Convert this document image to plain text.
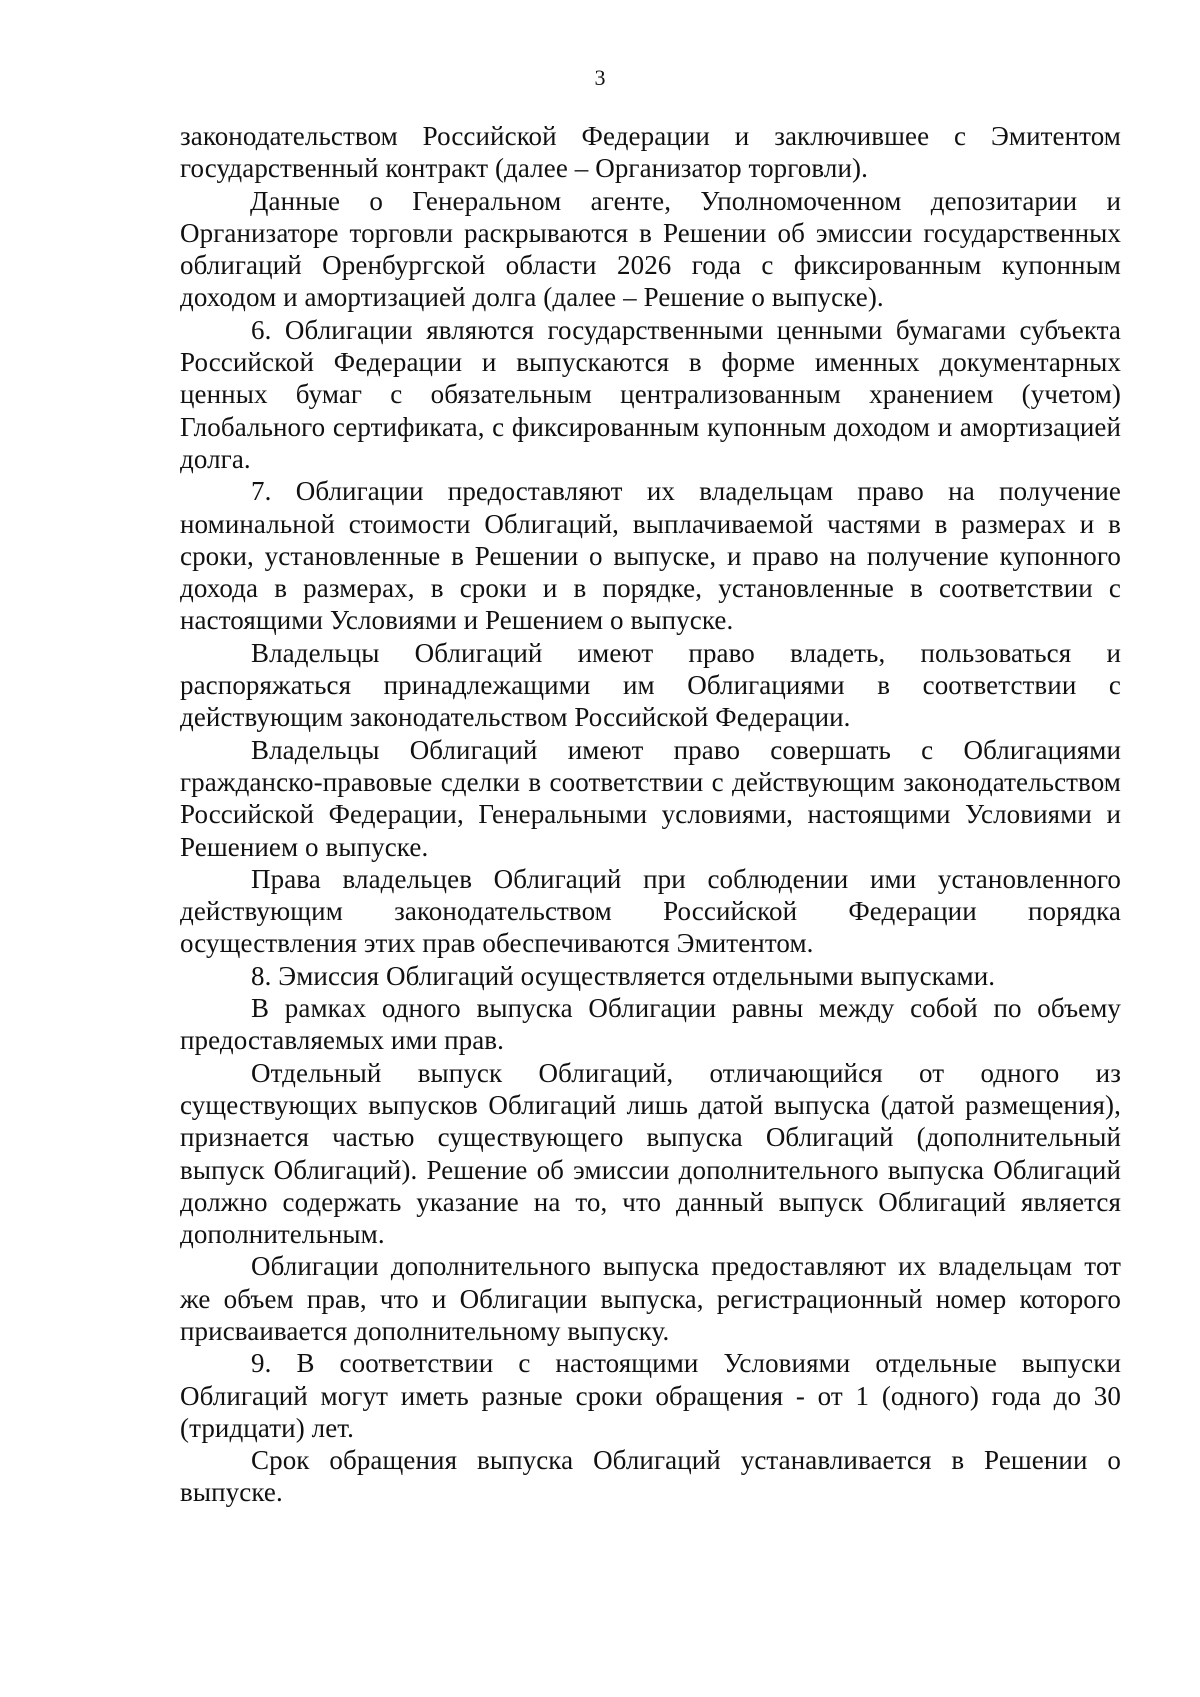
3

законодательством Российской Федерации и заключившее с Эмитентом государственный контракт (далее – Организатор торговли).

Данные о Генеральном агенте, Уполномоченном депозитарии и Организаторе торговли раскрываются в Решении об эмиссии государственных облигаций Оренбургской области 2026 года с фиксированным купонным доходом и амортизацией долга (далее – Решение о выпуске).

6. Облигации являются государственными ценными бумагами субъекта Российской Федерации и выпускаются в форме именных документарных ценных бумаг с обязательным централизованным хранением (учетом) Глобального сертификата, с фиксированным купонным доходом и амортизацией долга.

7. Облигации предоставляют их владельцам право на получение номинальной стоимости Облигаций, выплачиваемой частями в размерах и в сроки, установленные в Решении о выпуске, и право на получение купонного дохода в размерах, в сроки и в порядке, установленные в соответствии с настоящими Условиями и Решением о выпуске.

Владельцы Облигаций имеют право владеть, пользоваться и распоряжаться принадлежащими им Облигациями в соответствии с действующим законодательством Российской Федерации.

Владельцы Облигаций имеют право совершать с Облигациями гражданско-правовые сделки в соответствии с действующим законодательством Российской Федерации, Генеральными условиями, настоящими Условиями и Решением о выпуске.

Права владельцев Облигаций при соблюдении ими установленного действующим законодательством Российской Федерации порядка осуществления этих прав обеспечиваются Эмитентом.

8. Эмиссия Облигаций осуществляется отдельными выпусками.

В рамках одного выпуска Облигации равны между собой по объему предоставляемых ими прав.

Отдельный выпуск Облигаций, отличающийся от одного из существующих выпусков Облигаций лишь датой выпуска (датой размещения), признается частью существующего выпуска Облигаций (дополнительный выпуск Облигаций). Решение об эмиссии дополнительного выпуска Облигаций должно содержать указание на то, что данный выпуск Облигаций является дополнительным.

Облигации дополнительного выпуска предоставляют их владельцам тот же объем прав, что и Облигации выпуска, регистрационный номер которого присваивается дополнительному выпуску.

9. В соответствии с настоящими Условиями отдельные выпуски Облигаций могут иметь разные сроки обращения - от 1 (одного) года до 30 (тридцати) лет.

Срок обращения выпуска Облигаций устанавливается в Решении о выпуске.
